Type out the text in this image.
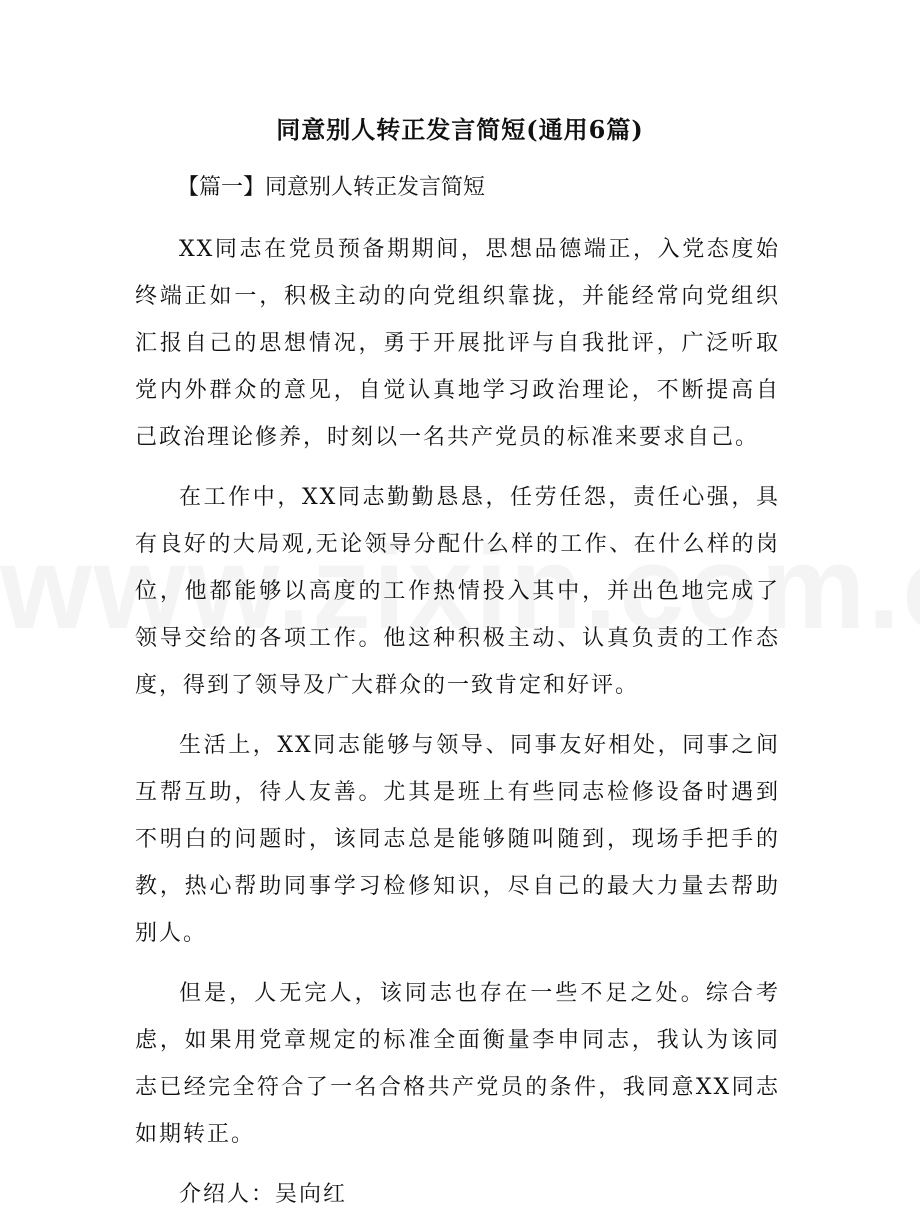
同意别人转正发言简短(通用6篇)

【篇一】同意别人转正发言简短

XX同志在党员预备期期间，思想品德端正，入党态度始终端正如一，积极主动的向党组织靠拢，并能经常向党组织汇报自己的思想情况，勇于开展批评与自我批评，广泛听取党内外群众的意见，自觉认真地学习政治理论，不断提高自己政治理论修养，时刻以一名共产党员的标准来要求自己。

在工作中，XX同志勤勤恳恳，任劳任怨，责任心强，具有良好的大局观,无论领导分配什么样的工作、在什么样的岗位，他都能够以高度的工作热情投入其中，并出色地完成了领导交给的各项工作。他这种积极主动、认真负责的工作态度，得到了领导及广大群众的一致肯定和好评。

生活上，XX同志能够与领导、同事友好相处，同事之间互帮互助，待人友善。尤其是班上有些同志检修设备时遇到不明白的问题时，该同志总是能够随叫随到，现场手把手的教，热心帮助同事学习检修知识，尽自己的最大力量去帮助别人。

但是，人无完人，该同志也存在一些不足之处。综合考虑，如果用党章规定的标准全面衡量李申同志，我认为该同志已经完全符合了一名合格共产党员的条件，我同意XX同志如期转正。

介绍人：吴向红
